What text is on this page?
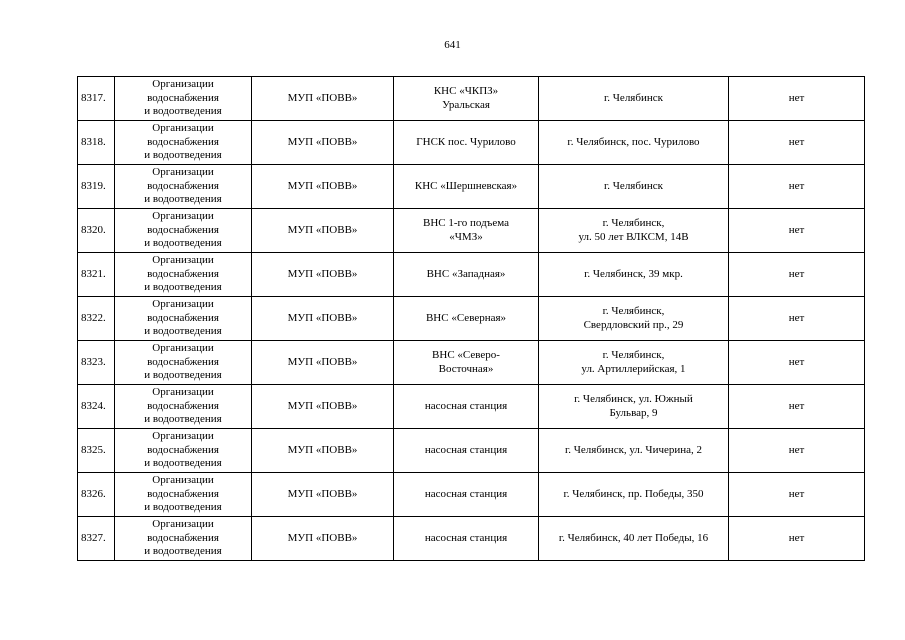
641
8317.	Организации
водоснабжения
и водоотведения	МУП «ПОВВ»	КНС «ЧКПЗ»
Уральская	г. Челябинск	нет

8318.	Организации
водоснабжения
и водоотведения	МУП «ПОВВ»	ГНСК пос. Чурилово	г. Челябинск, пос. Чурилово	нет

8319.	Организации
водоснабжения
и водоотведения	МУП «ПОВВ»	КНС «Шершневская»	г. Челябинск	нет

8320.	Организации
водоснабжения
и водоотведения	МУП «ПОВВ»	ВНС 1-го подъема
«ЧМЗ»	г. Челябинск,
ул. 50 лет ВЛКСМ, 14В	нет

8321.	Организации
водоснабжения
и водоотведения	МУП «ПОВВ»	ВНС «Западная»	г. Челябинск, 39 мкр.	нет

8322.	Организации
водоснабжения
и водоотведения	МУП «ПОВВ»	ВНС «Северная»	г. Челябинск,
Свердловский пр., 29	нет

8323.	Организации
водоснабжения
и водоотведения	МУП «ПОВВ»	ВНС «Северо-
Восточная»	г. Челябинск,
ул. Артиллерийская, 1	нет

8324.	Организации
водоснабжения
и водоотведения	МУП «ПОВВ»	насосная станция	г. Челябинск, ул. Южный
Бульвар, 9	нет

8325.	Организации
водоснабжения
и водоотведения	МУП «ПОВВ»	насосная станция	г. Челябинск, ул. Чичерина, 2	нет

8326.	Организации
водоснабжения
и водоотведения	МУП «ПОВВ»	насосная станция	г. Челябинск, пр. Победы, 350	нет

8327.	Организации
водоснабжения
и водоотведения	МУП «ПОВВ»	насосная станция	г. Челябинск, 40 лет Победы, 16	нет
